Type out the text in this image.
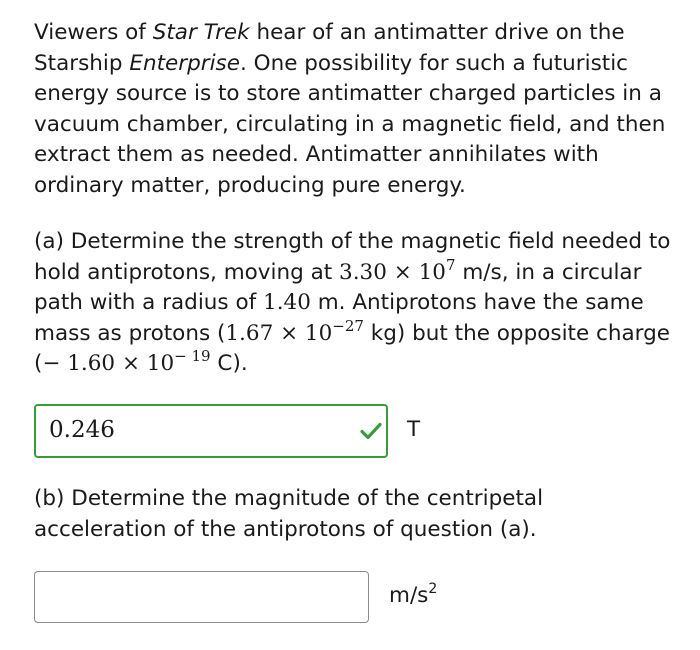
Viewers of Star Trek hear of an antimatter drive on the Starship Enterprise. One possibility for such a futuristic energy source is to store antimatter charged particles in a vacuum chamber, circulating in a magnetic field, and then extract them as needed. Antimatter annihilates with ordinary matter, producing pure energy.

(a) Determine the strength of the magnetic field needed to hold antiprotons, moving at $3.30 \times 10^7$ m/s, in a circular path with a radius of 1.40 m. Antiprotons have the same mass as protons ($1.67 \times 10^{-27}$ kg) but the opposite charge (− $1.60 \times 10^{- 19}$ C).

0.246	T

(b) Determine the magnitude of the centripetal acceleration of the antiprotons of question (a).

$m/s^2$
